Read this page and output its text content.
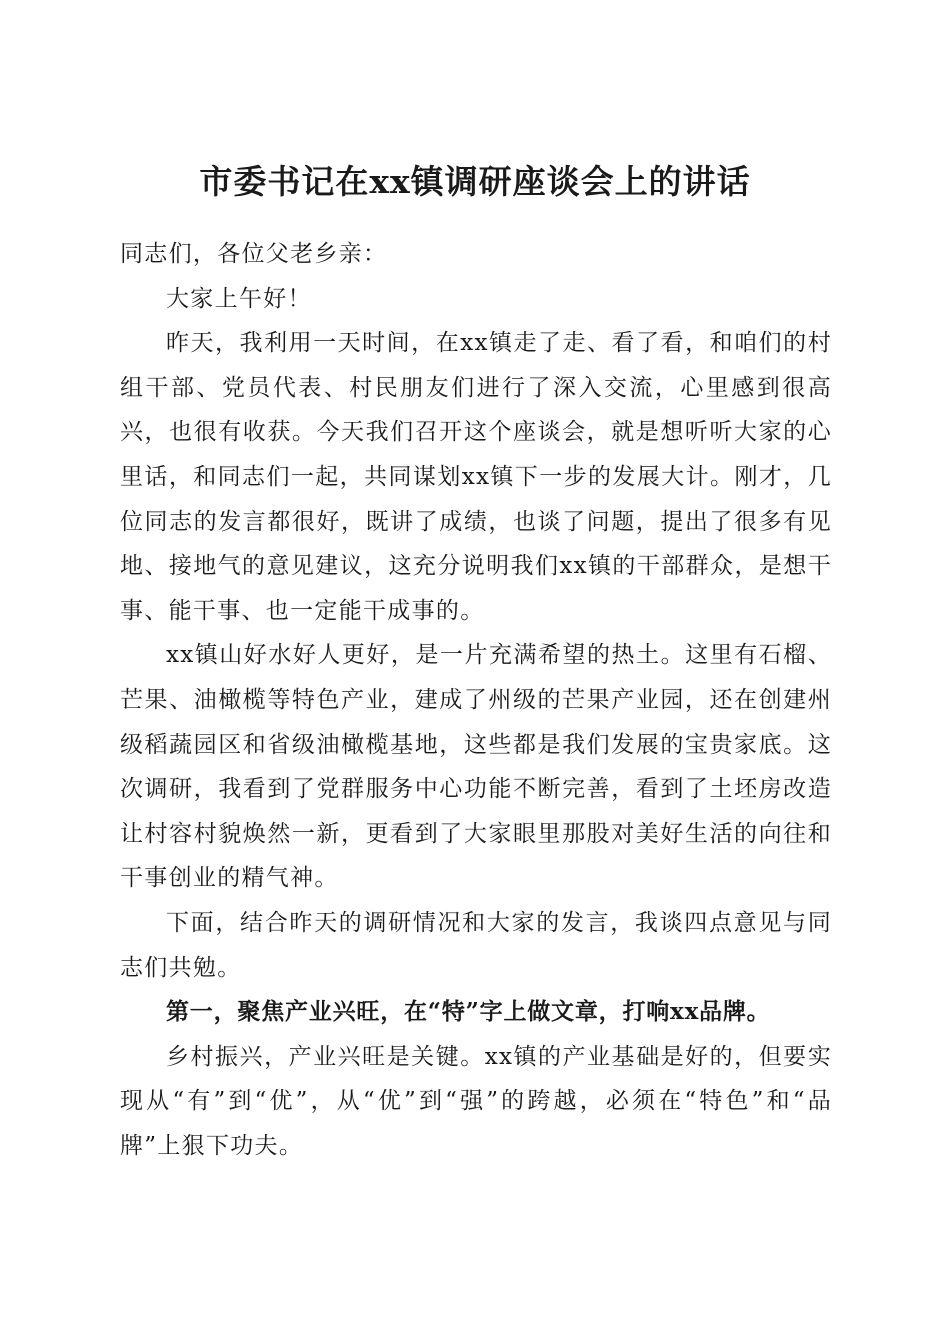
市委书记在xx镇调研座谈会上的讲话

同志们，各位父老乡亲：

大家上午好！

昨天，我利用一天时间，在xx镇走了走、看了看，和咱们的村组干部、党员代表、村民朋友们进行了深入交流，心里感到很高兴，也很有收获。今天我们召开这个座谈会，就是想听听大家的心里话，和同志们一起，共同谋划xx镇下一步的发展大计。刚才，几位同志的发言都很好，既讲了成绩，也谈了问题，提出了很多有见地、接地气的意见建议，这充分说明我们xx镇的干部群众，是想干事、能干事、也一定能干成事的。

xx镇山好水好人更好，是一片充满希望的热土。这里有石榴、芒果、油橄榄等特色产业，建成了州级的芒果产业园，还在创建州级稻蔬园区和省级油橄榄基地，这些都是我们发展的宝贵家底。这次调研，我看到了党群服务中心功能不断完善，看到了土坯房改造让村容村貌焕然一新，更看到了大家眼里那股对美好生活的向往和干事创业的精气神。

下面，结合昨天的调研情况和大家的发言，我谈四点意见与同志们共勉。

第一，聚焦产业兴旺，在“特”字上做文章，打响xx品牌。

乡村振兴，产业兴旺是关键。xx镇的产业基础是好的，但要实现从“有”到“优”，从“优”到“强”的跨越，必须在“特色”和“品牌”上狠下功夫。
